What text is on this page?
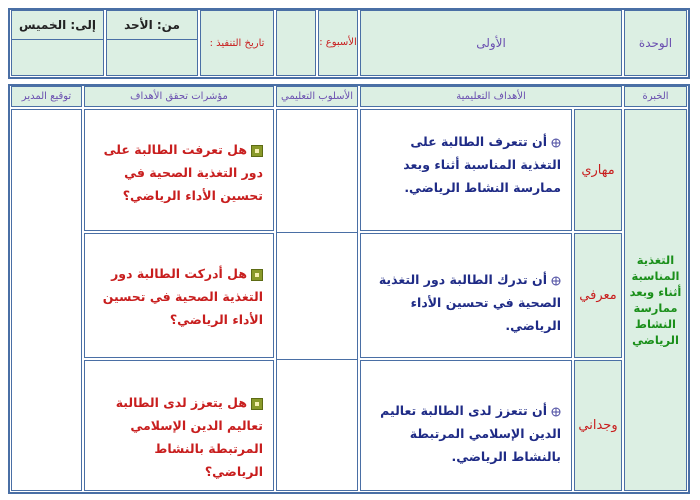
الوحدة
الأولى
الأسبوع :
تاريخ التنفيذ :
من: الأحد
إلى: الخميس
الخبرة
الأهداف التعليمية
الأسلوب التعليمي
مؤشرات تحقق الأهداف
توقيع المدير
التغذية المناسبة أثناء وبعد ممارسة النشاط الرياضي
مهاري
معرفي
وجداني
أن تتعرف الطالبة على التغذية المناسبة أثناء وبعد ممارسة النشاط الرياضي.
أن تدرك الطالبة دور التغذية الصحية في تحسين الأداء الرياضي.
أن تتعزز لدى الطالبة تعاليم الدين الإسلامي المرتبطة بالنشاط الرياضي.
هل تعرفت الطالبة على دور التغذية الصحية في تحسين الأداء الرياضي؟
هل أدركت الطالبة دور التغذية الصحية في تحسين الأداء الرياضي؟
هل يتعزز لدى الطالبة تعاليم الدين الإسلامي المرتبطة بالنشاط الرياضي؟
